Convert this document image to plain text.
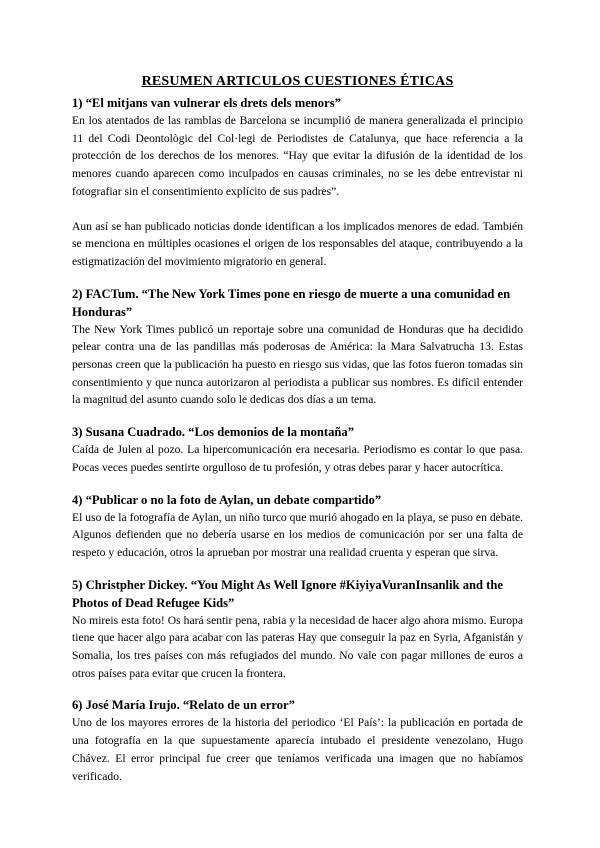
RESUMEN ARTICULOS CUESTIONES ÉTICAS
1) “El mitjans van vulnerar els drets dels menors”

En los atentados de las ramblas de Barcelona se incumplió de manera generalizada el principio 11 del Codi Deontològic del Col·legi de Periodistes de Catalunya, que hace referencia a la protección de los derechos de los menores. “Hay que evitar la difusión de la identidad de los menores cuando aparecen como inculpados en causas criminales, no se les debe entrevistar ni fotografiar sin el consentimiento explícito de sus padres”.

Aun así se han publicado noticias donde identifican a los implicados menores de edad. También se menciona en múltiples ocasiones el origen de los responsables del ataque, contribuyendo a la estigmatización del movimiento migratorio en general.

2) FACTum. “The New York Times pone en riesgo de muerte a una comunidad en Honduras”

The New York Times publicó un reportaje sobre una comunidad de Honduras que ha decidido pelear contra una de las pandillas más poderosas de América: la Mara Salvatrucha 13. Estas personas creen que la publicación ha puesto en riesgo sus vidas, que las fotos fueron tomadas sin consentimiento y que nunca autorizaron al periodista a publicar sus nombres. Es difícil entender la magnitud del asunto cuando solo le dedicas dos días a un tema.

3) Susana Cuadrado. “Los demonios de la montaña”

Caída de Julen al pozo. La hipercomunicación era necesaria. Periodismo es contar lo que pasa. Pocas veces puedes sentirte orgulloso de tu profesión, y otras debes parar y hacer autocrítica.

4) “Publicar o no la foto de Aylan, un debate compartido”

El uso de la fotografía de Aylan, un niño turco que murió ahogado en la playa, se puso en debate. Algunos defienden que no debería usarse en los medios de comunicación por ser una falta de respeto y educación, otros la aprueban por mostrar una realidad cruenta y esperan que sirva.

5) Christpher Dickey. “You Might As Well Ignore #KiyiyaVuranInsanlik and the Photos of Dead Refugee Kids”

No mireis esta foto! Os hará sentir pena, rabia y la necesidad de hacer algo ahora mismo. Europa tiene que hacer algo para acabar con las pateras Hay que conseguir la paz en Syria, Afganistán y Somalia, los tres países con más refugiados del mundo. No vale con pagar millones de euros a otros países para evitar que crucen la frontera.

6) José María Irujo. “Relato de un error”

Uno de los mayores errores de la historia del periodico ‘El País’: la publicación en portada de una fotografía en la que supuestamente aparecía intubado el presidente venezolano, Hugo Chávez. El error principal fue creer que teníamos verificada una imagen que no habíamos verificado.
